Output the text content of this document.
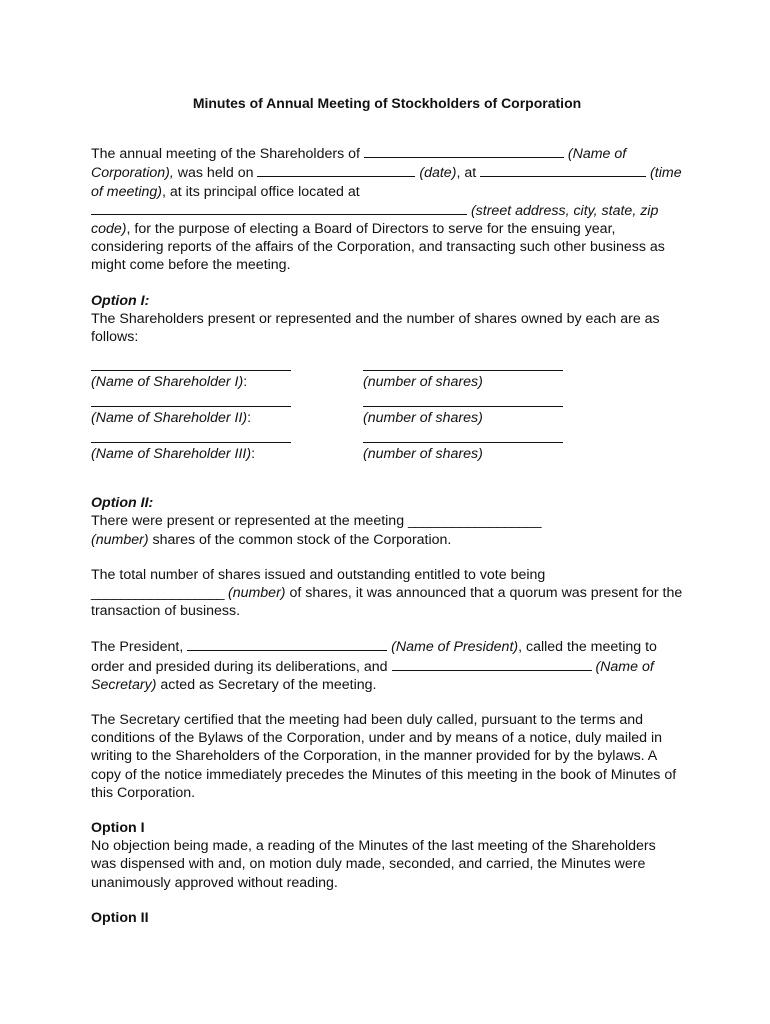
Minutes of Annual Meeting of Stockholders of Corporation

The annual meeting of the Shareholders of	(Name of Corporation), was held on	(date), at	(time of meeting), at its principal office located at
(street address, city, state, zip code), for the purpose of electing a Board of Directors to serve for the ensuing year, considering reports of the affairs of the Corporation, and transacting such other business as might come before the meeting.

Option I:

The Shareholders present or represented and the number of shares owned by each are as follows:

(Name of Shareholder I):	(number of shares)
(Name of Shareholder II):	(number of shares)
(Name of Shareholder III):	(number of shares)

Option II:

There were present or represented at the meeting __________________
(number) shares of the common stock of the Corporation.

The total number of shares issued and outstanding entitled to vote being
__________________ (number) of shares, it was announced that a quorum was present for the transaction of business.

The President,	(Name of President), called the meeting to order and presided during its deliberations, and	(Name of Secretary) acted as Secretary of the meeting.

The Secretary certified that the meeting had been duly called, pursuant to the terms and conditions of the Bylaws of the Corporation, under and by means of a notice, duly mailed in writing to the Shareholders of the Corporation, in the manner provided for by the bylaws. A copy of the notice immediately precedes the Minutes of this meeting in the book of Minutes of this Corporation.

Option I

No objection being made, a reading of the Minutes of the last meeting of the Shareholders was dispensed with and, on motion duly made, seconded, and carried, the Minutes were unanimously approved without reading.

Option II
